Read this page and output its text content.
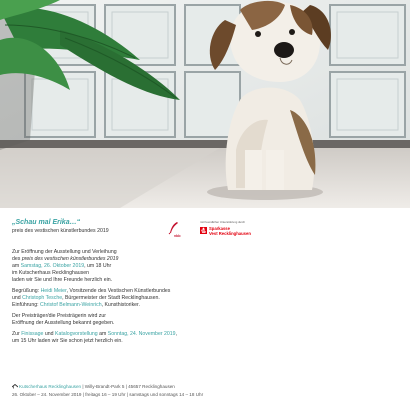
„Schau mal Erika…“
preis des vestischen künstlerbundes 2019
vkb
mit freundlicher Unterstützung durch
Sparkasse
Vest Recklinghausen

Zur Eröffnung der Ausstellung und Verleihung
des preis des vestischen künstlerbundes 2019
am Samstag, 26. Oktober 2019, um 18 Uhr
im Kutscherhaus Recklinghausen
laden wir Sie und Ihre Freunde herzlich ein.

Begrüßung: Heidi Meier, Vorsitzende des Vestischen Künstlerbundes
und Christoph Tesche, Bürgermeister der Stadt Recklinghausen.
Einführung: Christof Belmann-Weinrich, Kunsthistoriker.

Der Preisträger/die Preisträgerin wird zur
Eröffnung der Ausstellung bekannt gegeben.

Zur Finissage und Katalogvorstellung am Sonntag, 24. November 2019,
um 15 Uhr laden wir Sie schon jetzt herzlich ein.

Kutscherhaus Recklinghausen | Willy-Brandt-Park 5 | 45657 Recklinghausen
26. Oktober – 24. November 2019 | freitags 16 – 19 Uhr | samstags und sonntags 14 – 18 Uhr
